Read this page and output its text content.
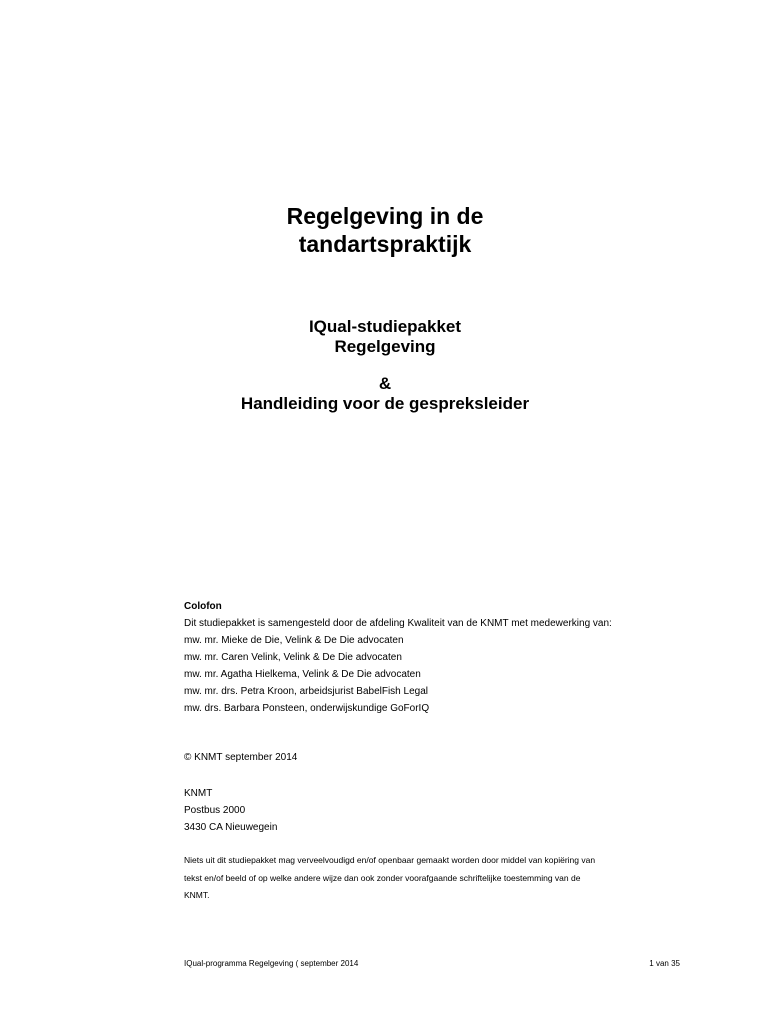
Regelgeving in de
tandartspraktijk
IQual-studiepakket
Regelgeving
&
Handleiding voor de gespreksleider
Colofon
Dit studiepakket is samengesteld door de afdeling Kwaliteit van de KNMT met medewerking van:
mw. mr. Mieke de Die, Velink & De Die advocaten
mw. mr. Caren Velink, Velink & De Die advocaten
mw. mr. Agatha Hielkema, Velink & De Die advocaten
mw. mr. drs. Petra Kroon, arbeidsjurist BabelFish Legal
mw. drs. Barbara Ponsteen, onderwijskundige GoForIQ
© KNMT september 2014
KNMT
Postbus 2000
3430 CA Nieuwegein
Niets uit dit studiepakket mag verveelvoudigd en/of openbaar gemaakt worden door middel van kopiëring van
tekst en/of beeld of op welke andere wijze dan ook zonder voorafgaande schriftelijke toestemming van de
KNMT.
IQual-programma Regelgeving ( september 2014	1 van 35
